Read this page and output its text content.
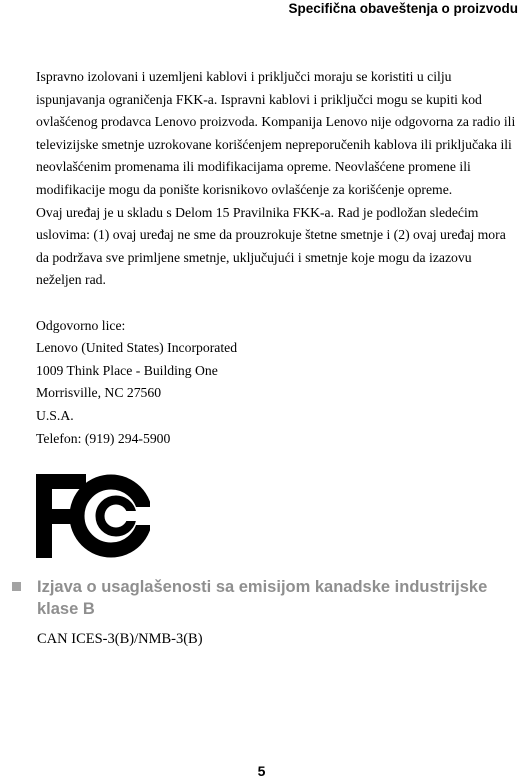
Specifična obaveštenja o proizvodu

Ispravno izolovani i uzemljeni kablovi i priključci moraju se koristiti u cilju ispunjavanja ograničenja FKK-a. Ispravni kablovi i priključci mogu se kupiti kod ovlašćenog prodavca Lenovo proizvoda. Kompanija Lenovo nije odgovorna za radio ili televizijske smetnje uzrokovane korišćenjem nepreporučenih kablova ili priključaka ili neovlašćenim promenama ili modifikacijama opreme. Neovlašćene promene ili modifikacije mogu da ponište korisnikovo ovlašćenje za korišćenje opreme.

Ovaj uređaj je u skladu s Delom 15 Pravilnika FKK-a. Rad je podložan sledećim uslovima: (1) ovaj uređaj ne sme da prouzrokuje štetne smetnje i (2) ovaj uređaj mora da podržava sve primljene smetnje, uključujući i smetnje koje mogu da izazovu neželjen rad.

Odgovorno lice:

Lenovo (United States) Incorporated

1009 Think Place - Building One

Morrisville, NC 27560

U.S.A.

Telefon: (919) 294-5900

Izjava o usaglašenosti sa emisijom kanadske industrijske klase B
CAN ICES-3(B)/NMB-3(B)
5
